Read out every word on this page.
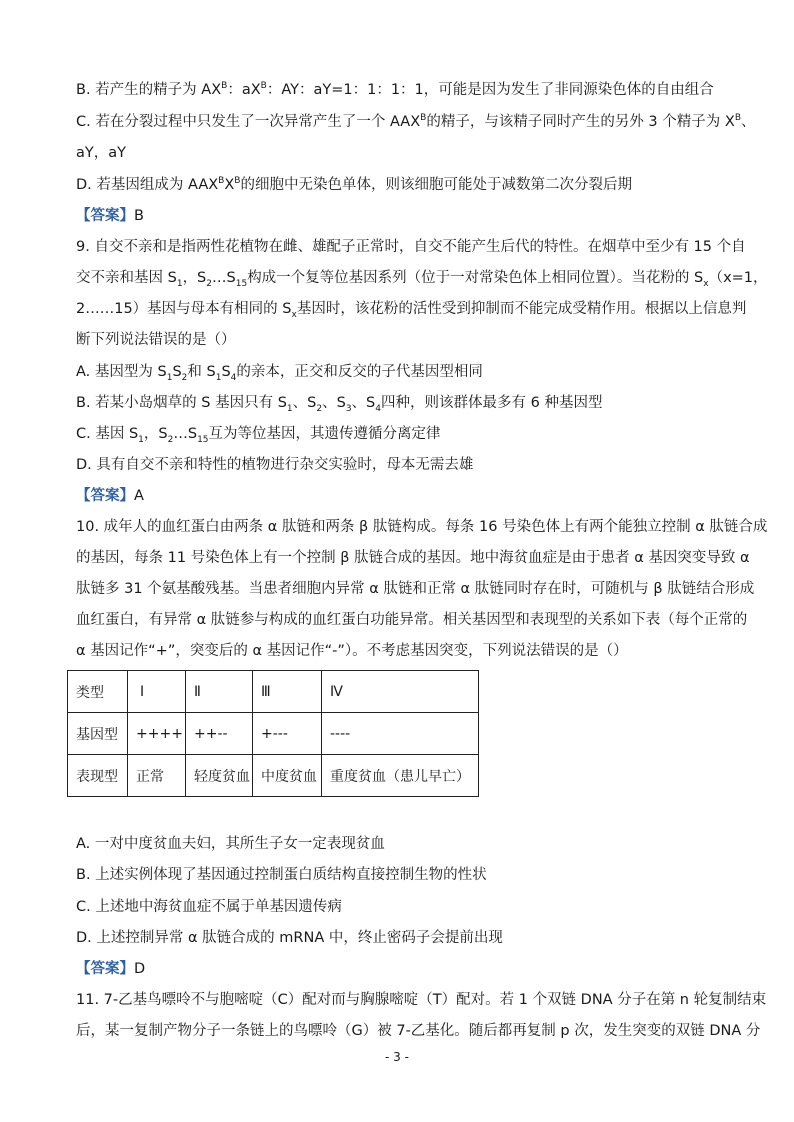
B. 若产生的精子为 $AX^B$：$aX^B$：AY：aY=1：1：1：1，可能是因为发生了非同源染色体的自由组合
C. 若在分裂过程中只发生了一次异常产生了一个 $AAX^B$的精子，与该精子同时产生的另外 3 个精子为 $X^B$、
aY，aY
D. 若基因组成为 $AAX^BX^B$的细胞中无染色单体，则该细胞可能处于减数第二次分裂后期
【答案】B
9. 自交不亲和是指两性花植物在雌、雄配子正常时，自交不能产生后代的特性。在烟草中至少有 15 个自
交不亲和基因 $S_1$，$S_2\dots S_{15}$构成一个复等位基因系列（位于一对常染色体上相同位置）。当花粉的 $S_x(x=1$，
2……15）基因与母本有相同的 $S_x$基因时，该花粉的活性受到抑制而不能完成受精作用。根据以上信息判
断下列说法错误的是（）
A. 基因型为 $S_1S_2$和 $S_1S_4$的亲本，正交和反交的子代基因型相同
B. 若某小岛烟草的 S 基因只有 $S_1$、$S_2$、$S_3$、$S_4$四种，则该群体最多有 6 种基因型
C. 基因 $S_1$，$S_2\dots S_{15}$互为等位基因，其遗传遵循分离定律
D. 具有自交不亲和特性的植物进行杂交实验时，母本无需去雄
【答案】A
10. 成年人的血红蛋白由两条 α 肽链和两条 β 肽链构成。每条 16 号染色体上有两个能独立控制 α 肽链合成
的基因，每条 11 号染色体上有一个控制 β 肽链合成的基因。地中海贫血症是由于患者 α 基因突变导致 α
肽链多 31 个氨基酸残基。当患者细胞内异常 α 肽链和正常 α 肽链同时存在时，可随机与 β 肽链结合形成
血红蛋白，有异常 α 肽链参与构成的血红蛋白功能异常。相关基因型和表现型的关系如下表（每个正常的
α 基因记作“+”，突变后的 α 基因记作“-”）。不考虑基因突变，下列说法错误的是（）
类型	Ⅰ	Ⅱ	Ⅲ	Ⅳ
基因型	++++	++--	+---	----
表现型	正常	轻度贫血	中度贫血	重度贫血（患儿早亡）
A. 一对中度贫血夫妇，其所生子女一定表现贫血
B. 上述实例体现了基因通过控制蛋白质结构直接控制生物的性状
C. 上述地中海贫血症不属于单基因遗传病
D. 上述控制异常 α 肽链合成的 mRNA 中，终止密码子会提前出现
【答案】D
11. 7-乙基鸟嘌呤不与胞嘧啶（C）配对而与胸腺嘧啶（T）配对。若 1 个双链 DNA 分子在第 n 轮复制结束
后，某一复制产物分子一条链上的鸟嘌呤（G）被 7-乙基化。随后都再复制 p 次，发生突变的双链 DNA 分
- 3 -
